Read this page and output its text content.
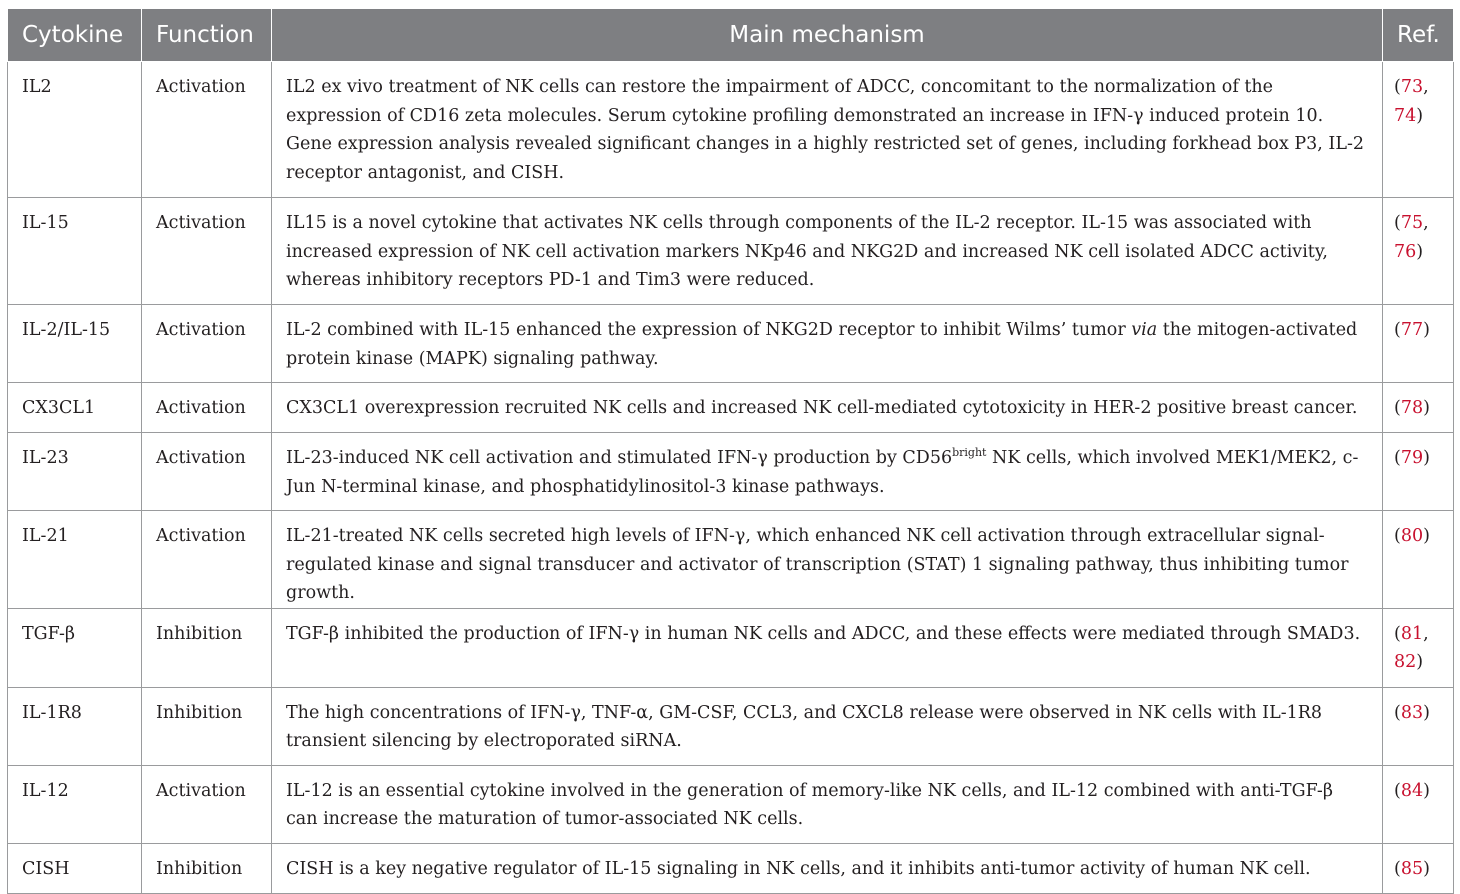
Cytokine	Function	Main mechanism	Ref.
IL2	Activation	IL2 ex vivo treatment of NK cells can restore the impairment of ADCC, concomitant to the normalization of the expression of CD16 zeta molecules. Serum cytokine profiling demonstrated an increase in IFN-γ induced protein 10. Gene expression analysis revealed significant changes in a highly restricted set of genes, including forkhead box P3, IL-2 receptor antagonist, and CISH.	(73, 74)
IL-15	Activation	IL15 is a novel cytokine that activates NK cells through components of the IL-2 receptor. IL-15 was associated with increased expression of NK cell activation markers NKp46 and NKG2D and increased NK cell isolated ADCC activity, whereas inhibitory receptors PD-1 and Tim3 were reduced.	(75, 76)
IL-2/IL-15	Activation	IL-2 combined with IL-15 enhanced the expression of NKG2D receptor to inhibit Wilms’ tumor via the mitogen-activated protein kinase (MAPK) signaling pathway.	(77)
CX3CL1	Activation	CX3CL1 overexpression recruited NK cells and increased NK cell-mediated cytotoxicity in HER-2 positive breast cancer.	(78)
IL-23	Activation	IL-23-induced NK cell activation and stimulated IFN-γ production by $CD56^{bright}$ NK cells, which involved MEK1/MEK2, c-Jun N-terminal kinase, and phosphatidylinositol-3 kinase pathways.	(79)
IL-21	Activation	IL-21-treated NK cells secreted high levels of IFN-γ, which enhanced NK cell activation through extracellular signal-regulated kinase and signal transducer and activator of transcription (STAT) 1 signaling pathway, thus inhibiting tumor growth.	(80)
TGF-β	Inhibition	TGF-β inhibited the production of IFN-γ in human NK cells and ADCC, and these effects were mediated through SMAD3.	(81, 82)
IL-1R8	Inhibition	The high concentrations of IFN-γ, TNF-α, GM-CSF, CCL3, and CXCL8 release were observed in NK cells with IL-1R8 transient silencing by electroporated siRNA.	(83)
IL-12	Activation	IL-12 is an essential cytokine involved in the generation of memory-like NK cells, and IL-12 combined with anti-TGF-β can increase the maturation of tumor-associated NK cells.	(84)
CISH	Inhibition	CISH is a key negative regulator of IL-15 signaling in NK cells, and it inhibits anti-tumor activity of human NK cell.	(85)
